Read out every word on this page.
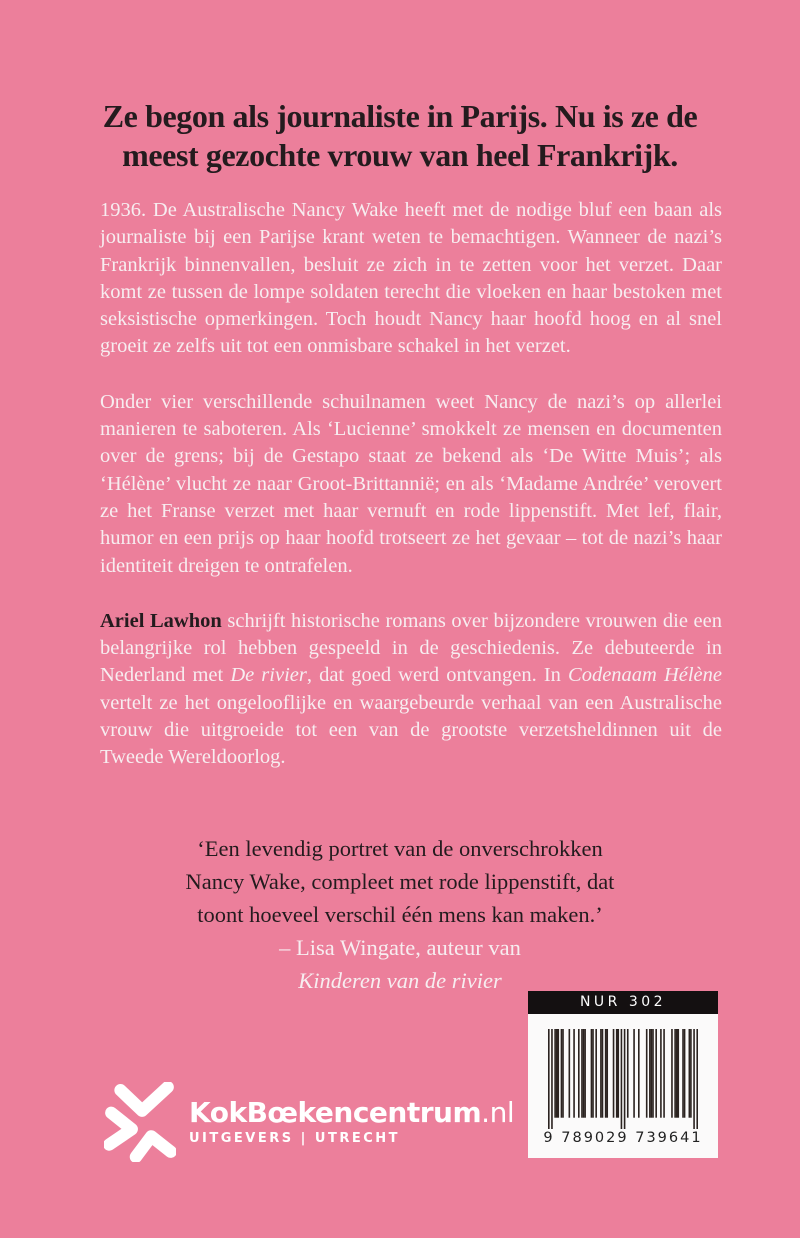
Ze begon als journaliste in Parijs. Nu is ze de
meest gezochte vrouw van heel Frankrijk.

1936. De Australische Nancy Wake heeft met de nodige bluf een baan als journaliste bij een Parijse krant weten te bemachtigen. Wanneer de nazi’s Frankrijk binnenvallen, besluit ze zich in te zetten voor het verzet. Daar komt ze tussen de lompe soldaten terecht die vloeken en haar bestoken met seksistische opmerkingen. Toch houdt Nancy haar hoofd hoog en al snel groeit ze zelfs uit tot een onmisbare schakel in het verzet.

Onder vier verschillende schuilnamen weet Nancy de nazi’s op allerlei manieren te saboteren. Als ‘Lucienne’ smokkelt ze mensen en documenten over de grens; bij de Gestapo staat ze bekend als ‘De Witte Muis’; als ‘Hélène’ vlucht ze naar Groot-Brittannië; en als ‘Madame Andrée’ verovert ze het Franse verzet met haar vernuft en rode lippenstift. Met lef, flair, humor en een prijs op haar hoofd trotseert ze het gevaar – tot de nazi’s haar identiteit dreigen te ontrafelen.

Ariel Lawhon schrijft historische romans over bijzondere vrouwen die een belangrijke rol hebben gespeeld in de geschiedenis. Ze debuteerde in Nederland met De rivier, dat goed werd ontvangen. In Codenaam Hélène vertelt ze het ongelooflijke en waargebeurde verhaal van een Australische vrouw die uitgroeide tot een van de grootste verzetsheldinnen uit de Tweede Wereldoorlog.

‘Een levendig portret van de onverschrokken
Nancy Wake, compleet met rode lippenstift, dat
toont hoeveel verschil één mens kan maken.’
– Lisa Wingate, auteur van
Kinderen van de rivier
NUR 302
9 789029 739641
KokBœkencentrum.nl
UITGEVERS | UTRECHT
